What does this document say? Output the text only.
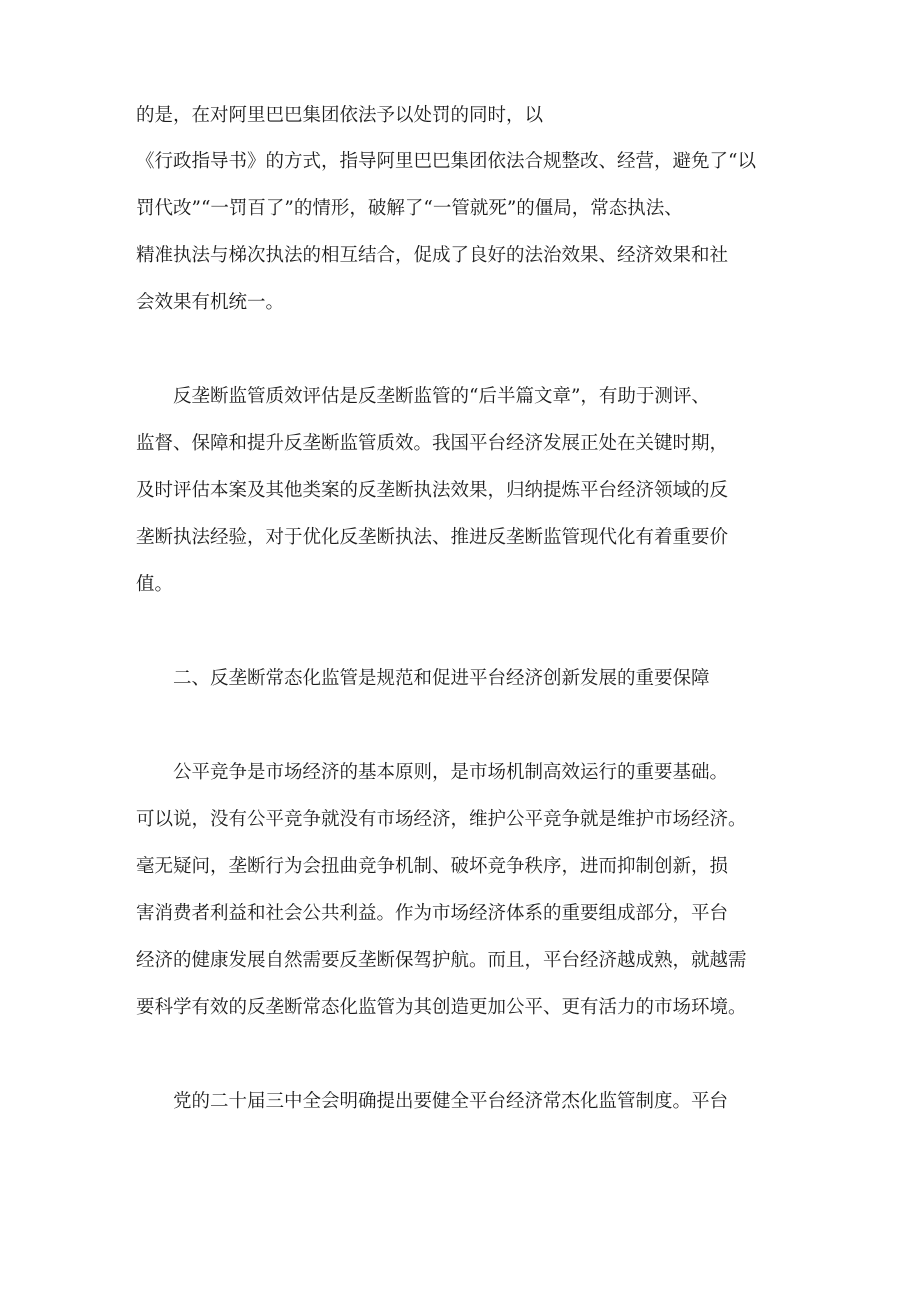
的是，在对阿里巴巴集团依法予以处罚的同时，以
《行政指导书》的方式，指导阿里巴巴集团依法合规整改、经营，避免了“以
罚代改”“一罚百了”的情形，破解了“一管就死”的僵局，常态执法、
精准执法与梯次执法的相互结合，促成了良好的法治效果、经济效果和社
会效果有机统一。
反垄断监管质效评估是反垄断监管的“后半篇文章”，有助于测评、
监督、保障和提升反垄断监管质效。我国平台经济发展正处在关键时期，
及时评估本案及其他类案的反垄断执法效果，归纳提炼平台经济领域的反
垄断执法经验，对于优化反垄断执法、推进反垄断监管现代化有着重要价
值。
二、反垄断常态化监管是规范和促进平台经济创新发展的重要保障
公平竞争是市场经济的基本原则，是市场机制高效运行的重要基础。
可以说，没有公平竞争就没有市场经济，维护公平竞争就是维护市场经济。
毫无疑问，垄断行为会扭曲竞争机制、破坏竞争秩序，进而抑制创新，损
害消费者利益和社会公共利益。作为市场经济体系的重要组成部分，平台
经济的健康发展自然需要反垄断保驾护航。而且，平台经济越成熟，就越需
要科学有效的反垄断常态化监管为其创造更加公平、更有活力的市场环境。
党的二十届三中全会明确提出要健全平台经济常杰化监管制度。平台
